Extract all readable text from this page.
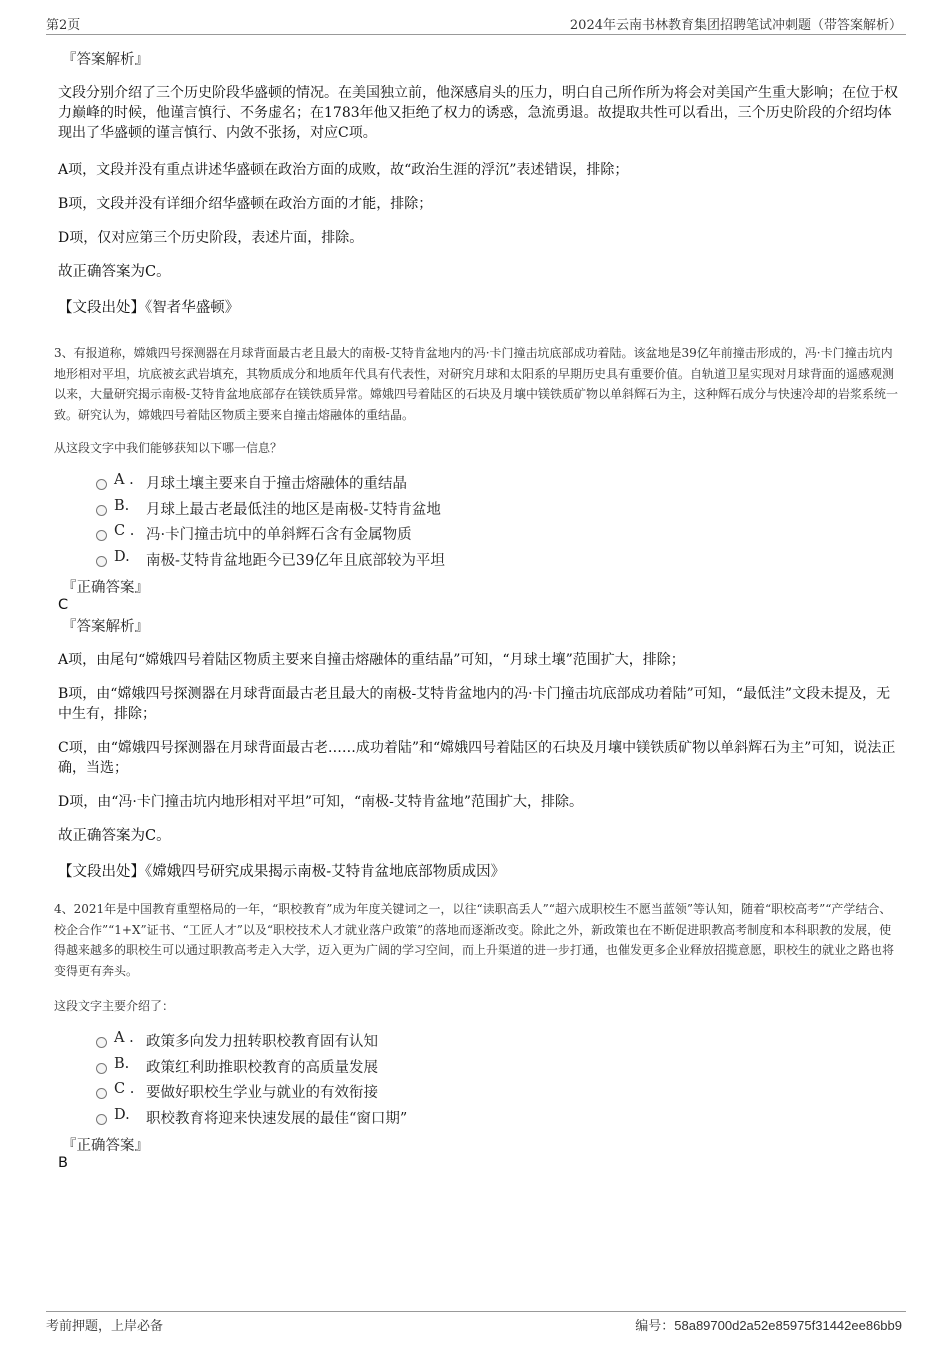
第2页	2024年云南书林教育集团招聘笔试冲刺题（带答案解析）
『答案解析』

文段分别介绍了三个历史阶段华盛顿的情况。在美国独立前，他深感肩头的压力，明白自己所作所为将会对美国产生重大影响；在位于权力巅峰的时候，他谨言慎行、不务虚名；在1783年他又拒绝了权力的诱惑，急流勇退。故提取共性可以看出，三个历史阶段的介绍均体现出了华盛顿的谨言慎行、内敛不张扬，对应C项。

A项，文段并没有重点讲述华盛顿在政治方面的成败，故“政治生涯的浮沉”表述错误，排除；

B项，文段并没有详细介绍华盛顿在政治方面的才能，排除；

D项，仅对应第三个历史阶段，表述片面，排除。

故正确答案为C。

【文段出处】《智者华盛顿》

3、有报道称，嫦娥四号探测器在月球背面最古老且最大的南极-艾特肯盆地内的冯·卡门撞击坑底部成功着陆。该盆地是39亿年前撞击形成的，冯·卡门撞击坑内地形相对平坦，坑底被玄武岩填充，其物质成分和地质年代具有代表性，对研究月球和太阳系的早期历史具有重要价值。自轨道卫星实现对月球背面的遥感观测以来，大量研究揭示南极-艾特肯盆地底部存在镁铁质异常。嫦娥四号着陆区的石块及月壤中镁铁质矿物以单斜辉石为主，这种辉石成分与快速冷却的岩浆系统一致。研究认为，嫦娥四号着陆区物质主要来自撞击熔融体的重结晶。

从这段文字中我们能够获知以下哪一信息？

A . 月球土壤主要来自于撞击熔融体的重结晶
B. 月球上最古老最低洼的地区是南极-艾特肯盆地
C . 冯·卡门撞击坑中的单斜辉石含有金属物质
D. 南极-艾特肯盆地距今已39亿年且底部较为平坦
『正确答案』

C

『答案解析』

A项，由尾句“嫦娥四号着陆区物质主要来自撞击熔融体的重结晶”可知，“月球土壤”范围扩大，排除；

B项，由“嫦娥四号探测器在月球背面最古老且最大的南极-艾特肯盆地内的冯·卡门撞击坑底部成功着陆”可知，“最低洼”文段未提及，无中生有，排除；

C项，由“嫦娥四号探测器在月球背面最古老……成功着陆”和“嫦娥四号着陆区的石块及月壤中镁铁质矿物以单斜辉石为主”可知，说法正确，当选；

D项，由“冯·卡门撞击坑内地形相对平坦”可知，“南极-艾特肯盆地”范围扩大，排除。

故正确答案为C。

【文段出处】《嫦娥四号研究成果揭示南极-艾特肯盆地底部物质成因》

4、2021年是中国教育重塑格局的一年，“职校教育”成为年度关键词之一，以往“读职高丢人”“超六成职校生不愿当蓝领”等认知，随着“职校高考”“产学结合、校企合作”“1+X”证书、“工匠人才”以及“职校技术人才就业落户政策”的落地而逐渐改变。除此之外，新政策也在不断促进职教高考制度和本科职教的发展，使得越来越多的职校生可以通过职教高考走入大学，迈入更为广阔的学习空间，而上升渠道的进一步打通，也催发更多企业释放招揽意愿，职校生的就业之路也将变得更有奔头。

这段文字主要介绍了：

A . 政策多向发力扭转职校教育固有认知
B. 政策红利助推职校教育的高质量发展
C . 要做好职校生学业与就业的有效衔接
D. 职校教育将迎来快速发展的最佳“窗口期”
『正确答案』

B

考前押题，上岸必备	编号：58a89700d2a52e85975f31442ee86bb9
